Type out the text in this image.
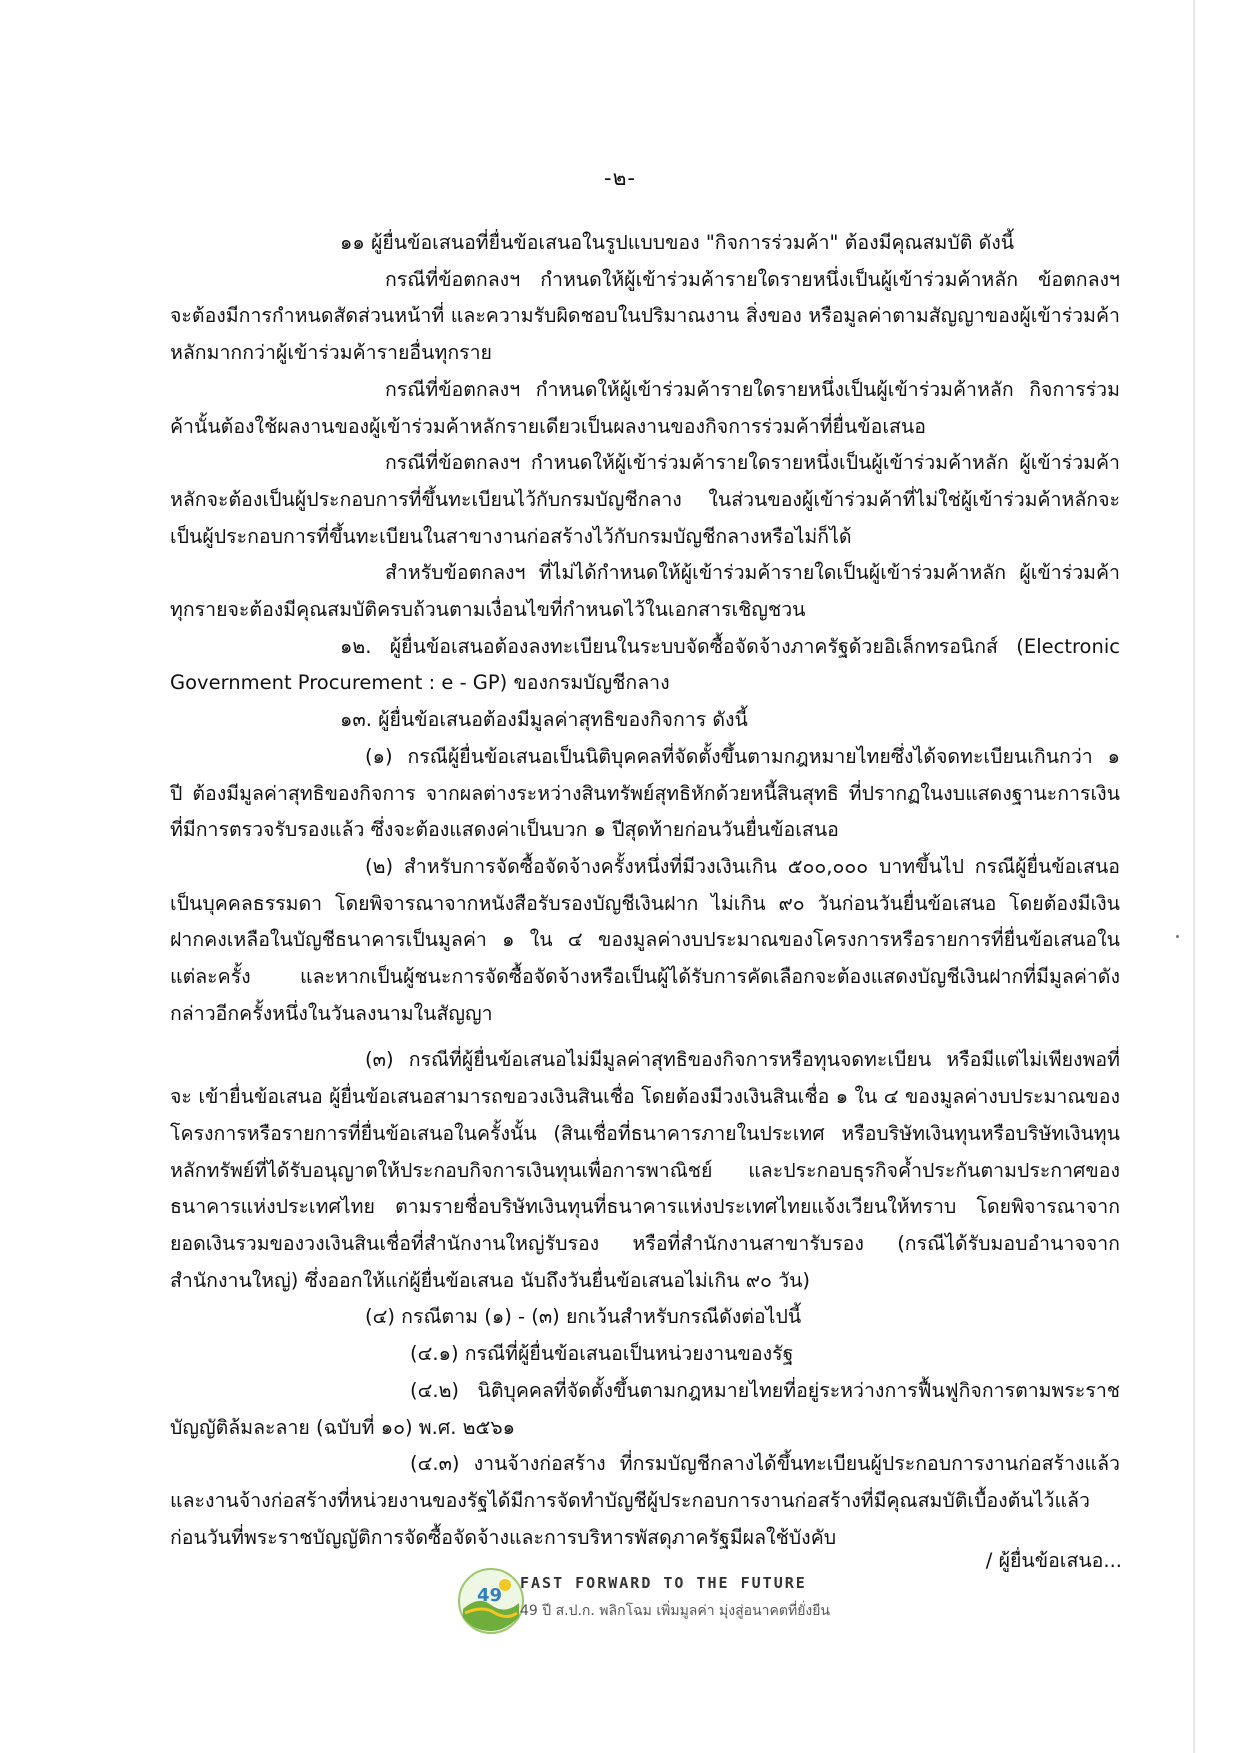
-๒-

๑๑ ผู้ยื่นข้อเสนอที่ยื่นข้อเสนอในรูปแบบของ "กิจการร่วมค้า" ต้องมีคุณสมบัติ ดังนี้

กรณีที่ข้อตกลงฯ กำหนดให้ผู้เข้าร่วมค้ารายใดรายหนึ่งเป็นผู้เข้าร่วมค้าหลัก ข้อตกลงฯ จะต้องมีการกำหนดสัดส่วนหน้าที่ และความรับผิดชอบในปริมาณงาน สิ่งของ หรือมูลค่าตามสัญญาของผู้เข้าร่วมค้าหลักมากกว่าผู้เข้าร่วมค้ารายอื่นทุกราย

กรณีที่ข้อตกลงฯ กำหนดให้ผู้เข้าร่วมค้ารายใดรายหนึ่งเป็นผู้เข้าร่วมค้าหลัก กิจการร่วมค้านั้นต้องใช้ผลงานของผู้เข้าร่วมค้าหลักรายเดียวเป็นผลงานของกิจการร่วมค้าที่ยื่นข้อเสนอ

กรณีที่ข้อตกลงฯ กำหนดให้ผู้เข้าร่วมค้ารายใดรายหนึ่งเป็นผู้เข้าร่วมค้าหลัก ผู้เข้าร่วมค้าหลักจะต้องเป็นผู้ประกอบการที่ขึ้นทะเบียนไว้กับกรมบัญชีกลาง ในส่วนของผู้เข้าร่วมค้าที่ไม่ใช่ผู้เข้าร่วมค้าหลักจะเป็นผู้ประกอบการที่ขึ้นทะเบียนในสาขางานก่อสร้างไว้กับกรมบัญชีกลางหรือไม่ก็ได้

สำหรับข้อตกลงฯ ที่ไม่ได้กำหนดให้ผู้เข้าร่วมค้ารายใดเป็นผู้เข้าร่วมค้าหลัก ผู้เข้าร่วมค้าทุกรายจะต้องมีคุณสมบัติครบถ้วนตามเงื่อนไขที่กำหนดไว้ในเอกสารเชิญชวน

๑๒. ผู้ยื่นข้อเสนอต้องลงทะเบียนในระบบจัดซื้อจัดจ้างภาครัฐด้วยอิเล็กทรอนิกส์ (Electronic Government Procurement : e - GP) ของกรมบัญชีกลาง

๑๓. ผู้ยื่นข้อเสนอต้องมีมูลค่าสุทธิของกิจการ ดังนี้

(๑) กรณีผู้ยื่นข้อเสนอเป็นนิติบุคคลที่จัดตั้งขึ้นตามกฎหมายไทยซึ่งได้จดทะเบียนเกินกว่า ๑ ปี ต้องมีมูลค่าสุทธิของกิจการ จากผลต่างระหว่างสินทรัพย์สุทธิหักด้วยหนี้สินสุทธิ ที่ปรากฏในงบแสดงฐานะการเงินที่มีการตรวจรับรองแล้ว ซึ่งจะต้องแสดงค่าเป็นบวก ๑ ปีสุดท้ายก่อนวันยื่นข้อเสนอ

(๒) สำหรับการจัดซื้อจัดจ้างครั้งหนึ่งที่มีวงเงินเกิน ๕๐๐,๐๐๐ บาทขึ้นไป กรณีผู้ยื่นข้อเสนอเป็นบุคคลธรรมดา โดยพิจารณาจากหนังสือรับรองบัญชีเงินฝาก ไม่เกิน ๙๐ วันก่อนวันยื่นข้อเสนอ โดยต้องมีเงินฝากคงเหลือในบัญชีธนาคารเป็นมูลค่า ๑ ใน ๔ ของมูลค่างบประมาณของโครงการหรือรายการที่ยื่นข้อเสนอในแต่ละครั้ง และหากเป็นผู้ชนะการจัดซื้อจัดจ้างหรือเป็นผู้ได้รับการคัดเลือกจะต้องแสดงบัญชีเงินฝากที่มีมูลค่าดังกล่าวอีกครั้งหนึ่งในวันลงนามในสัญญา

(๓) กรณีที่ผู้ยื่นข้อเสนอไม่มีมูลค่าสุทธิของกิจการหรือทุนจดทะเบียน หรือมีแต่ไม่เพียงพอที่จะ เข้ายื่นข้อเสนอ ผู้ยื่นข้อเสนอสามารถขอวงเงินสินเชื่อ โดยต้องมีวงเงินสินเชื่อ ๑ ใน ๔ ของมูลค่างบประมาณของโครงการหรือรายการที่ยื่นข้อเสนอในครั้งนั้น (สินเชื่อที่ธนาคารภายในประเทศ หรือบริษัทเงินทุนหรือบริษัทเงินทุนหลักทรัพย์ที่ได้รับอนุญาตให้ประกอบกิจการเงินทุนเพื่อการพาณิชย์ และประกอบธุรกิจค้ำประกันตามประกาศของธนาคารแห่งประเทศไทย ตามรายชื่อบริษัทเงินทุนที่ธนาคารแห่งประเทศไทยแจ้งเวียนให้ทราบ โดยพิจารณาจากยอดเงินรวมของวงเงินสินเชื่อที่สำนักงานใหญ่รับรอง หรือที่สำนักงานสาขารับรอง (กรณีได้รับมอบอำนาจจากสำนักงานใหญ่) ซึ่งออกให้แก่ผู้ยื่นข้อเสนอ นับถึงวันยื่นข้อเสนอไม่เกิน ๙๐ วัน)

(๔) กรณีตาม (๑) - (๓) ยกเว้นสำหรับกรณีดังต่อไปนี้

(๔.๑) กรณีที่ผู้ยื่นข้อเสนอเป็นหน่วยงานของรัฐ

(๔.๒) นิติบุคคลที่จัดตั้งขึ้นตามกฎหมายไทยที่อยู่ระหว่างการฟื้นฟูกิจการตามพระราชบัญญัติล้มละลาย (ฉบับที่ ๑๐) พ.ศ. ๒๕๖๑

(๔.๓) งานจ้างก่อสร้าง ที่กรมบัญชีกลางได้ขึ้นทะเบียนผู้ประกอบการงานก่อสร้างแล้ว และงานจ้างก่อสร้างที่หน่วยงานของรัฐได้มีการจัดทำบัญชีผู้ประกอบการงานก่อสร้างที่มีคุณสมบัติเบื้องต้นไว้แล้ว ก่อนวันที่พระราชบัญญัติการจัดซื้อจัดจ้างและการบริหารพัสดุภาครัฐมีผลใช้บังคับ

/ ผู้ยื่นข้อเสนอ...
49
FAST FORWARD TO THE FUTURE
49 ปี ส.ป.ก. พลิกโฉม เพิ่มมูลค่า มุ่งสู่อนาคตที่ยั่งยืน
